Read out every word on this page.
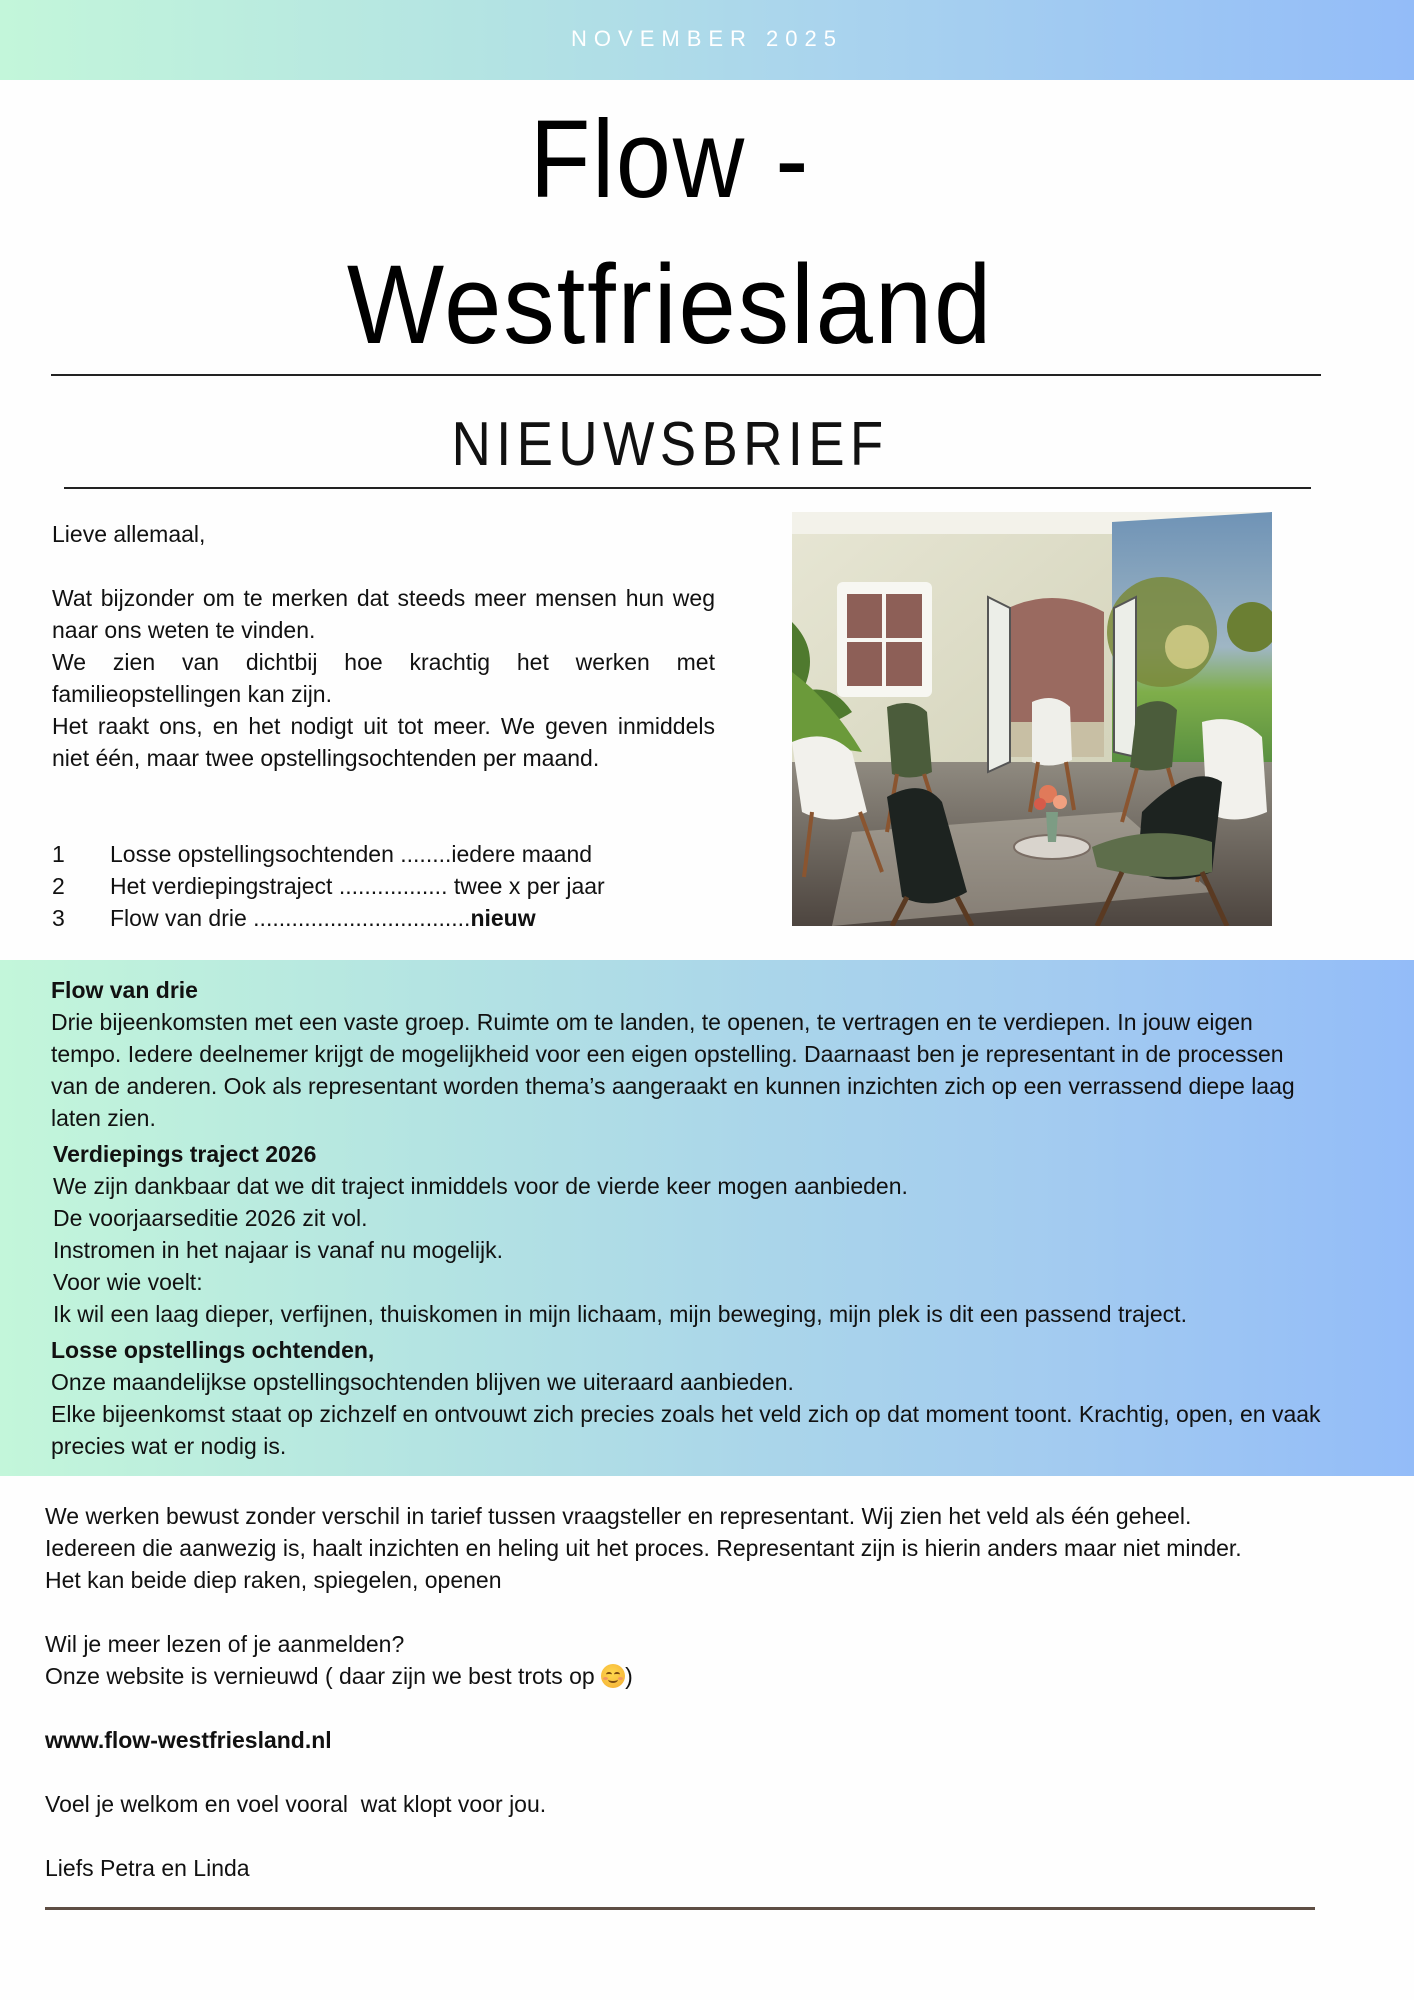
NOVEMBER 2025
Flow -
Westfriesland
NIEUWSBRIEF

Lieve allemaal,

Wat bijzonder om te merken dat steeds meer mensen hun weg naar ons weten te vinden.

We zien van dichtbij hoe krachtig het werken met familieopstellingen kan zijn.

Het raakt ons, en het nodigt uit tot meer. We geven inmiddels niet één, maar twee opstellingsochtenden per maand.

1	Losse opstellingsochtenden ........iedere maand
2	Het verdiepingstraject ................. twee x per jaar
3	Flow van drie ..................................nieuw
Flow van drie

Drie bijeenkomsten met een vaste groep. Ruimte om te landen, te openen, te vertragen en te verdiepen. In jouw eigen tempo. Iedere deelnemer krijgt de mogelijkheid voor een eigen opstelling. Daarnaast ben je representant in de processen van de anderen. Ook als representant worden thema’s aangeraakt en kunnen inzichten zich op een verrassend diepe laag laten zien.

Verdiepings traject 2026

We zijn dankbaar dat we dit traject inmiddels voor de vierde keer mogen aanbieden.

De voorjaarseditie 2026 zit vol.

Instromen in het najaar is vanaf nu mogelijk.

Voor wie voelt:

Ik wil een laag dieper, verfijnen, thuiskomen in mijn lichaam, mijn beweging, mijn plek is dit een passend traject.

Losse opstellings ochtenden,

Onze maandelijkse opstellingsochtenden blijven we uiteraard aanbieden.

Elke bijeenkomst staat op zichzelf en ontvouwt zich precies zoals het veld zich op dat moment toont. Krachtig, open, en vaak precies wat er nodig is.

We werken bewust zonder verschil in tarief tussen vraagsteller en representant. Wij zien het veld als één geheel.

Iedereen die aanwezig is, haalt inzichten en heling uit het proces. Representant zijn is hierin anders maar niet minder.

Het kan beide diep raken, spiegelen, openen

Wil je meer lezen of je aanmelden?

Onze website is vernieuwd ( daar zijn we best trots op
)

www.flow-westfriesland.nl

Voel je welkom en voel vooral  wat klopt voor jou.

Liefs Petra en Linda
